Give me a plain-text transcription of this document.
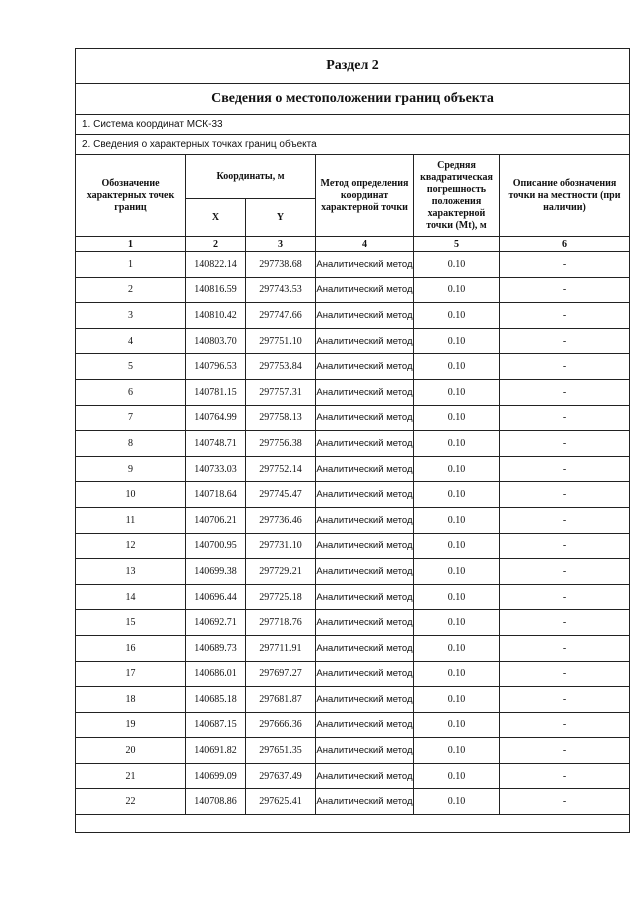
Раздел 2					
Сведения о местоположении границ объекта					
1. Система координат МСК-33					
2. Сведения о характерных точках границ объекта					
Обозначение характерных точек границ	Координаты, м		Метод определения координат характерной точки	Средняя квадратическая погрешность положения характерной точки (Mt), м	Описание обозначения точки на местности (при наличии)
	X	Y			
1	2	3	4	5	6
1	140822.14	297738.68	Аналитический метод	0.10	-
2	140816.59	297743.53	Аналитический метод	0.10	-
3	140810.42	297747.66	Аналитический метод	0.10	-
4	140803.70	297751.10	Аналитический метод	0.10	-
5	140796.53	297753.84	Аналитический метод	0.10	-
6	140781.15	297757.31	Аналитический метод	0.10	-
7	140764.99	297758.13	Аналитический метод	0.10	-
8	140748.71	297756.38	Аналитический метод	0.10	-
9	140733.03	297752.14	Аналитический метод	0.10	-
10	140718.64	297745.47	Аналитический метод	0.10	-
11	140706.21	297736.46	Аналитический метод	0.10	-
12	140700.95	297731.10	Аналитический метод	0.10	-
13	140699.38	297729.21	Аналитический метод	0.10	-
14	140696.44	297725.18	Аналитический метод	0.10	-
15	140692.71	297718.76	Аналитический метод	0.10	-
16	140689.73	297711.91	Аналитический метод	0.10	-
17	140686.01	297697.27	Аналитический метод	0.10	-
18	140685.18	297681.87	Аналитический метод	0.10	-
19	140687.15	297666.36	Аналитический метод	0.10	-
20	140691.82	297651.35	Аналитический метод	0.10	-
21	140699.09	297637.49	Аналитический метод	0.10	-
22	140708.86	297625.41	Аналитический метод	0.10	-
